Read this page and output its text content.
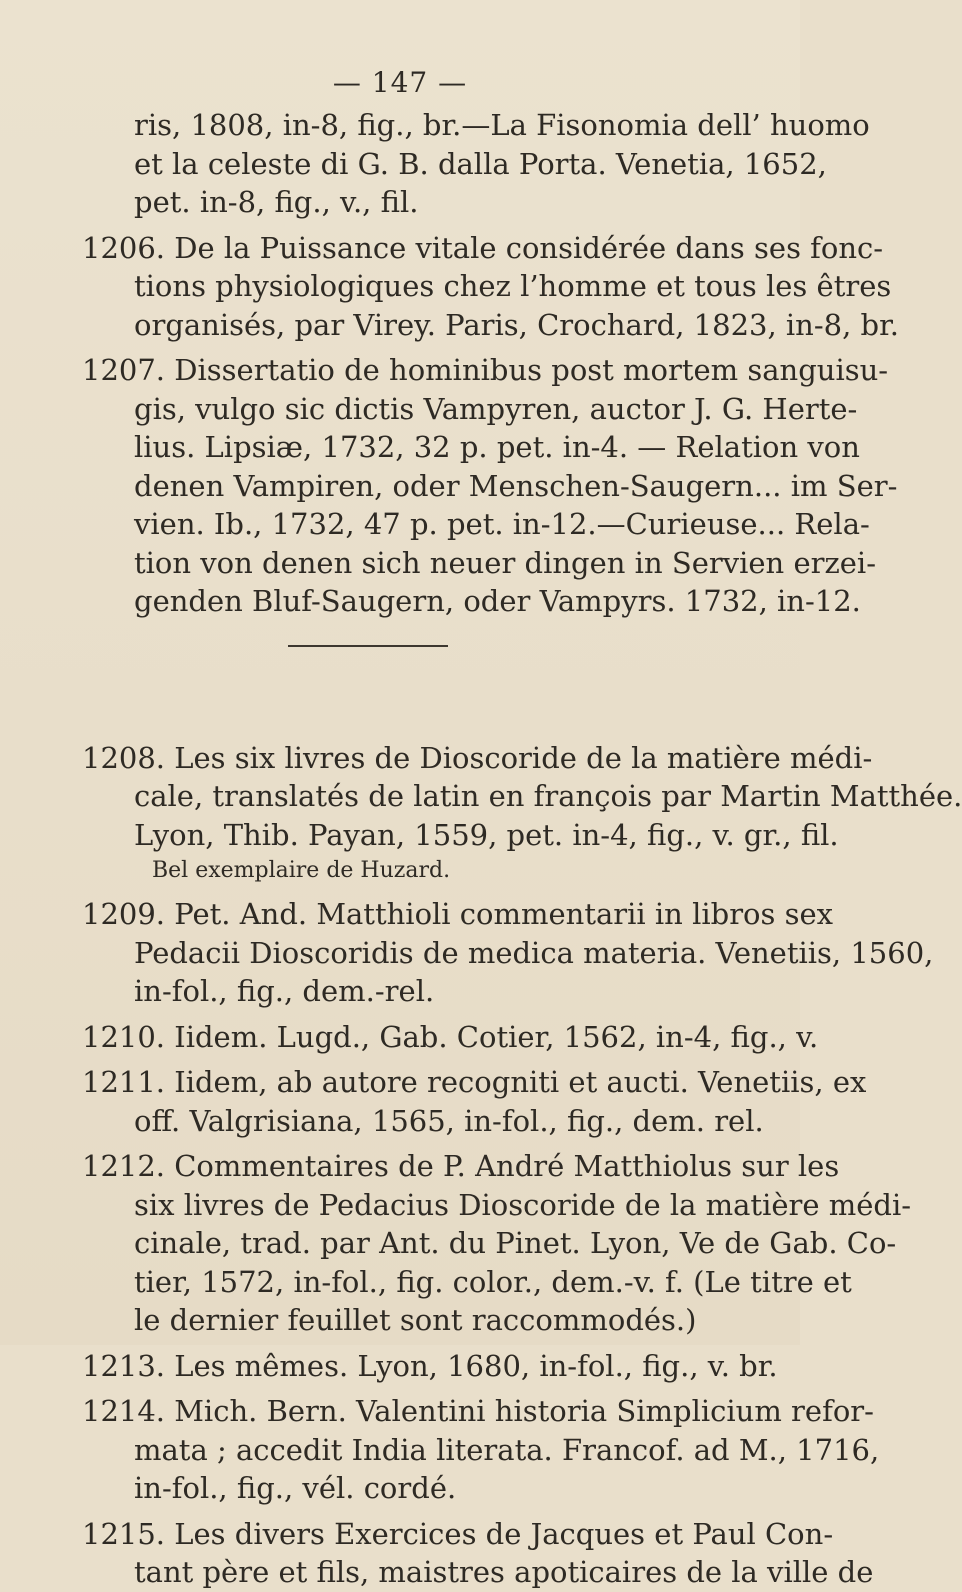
— 147 —
ris, 1808, in-8, fig., br.—La Fisonomia dell’ huomo
et la celeste di G. B. dalla Porta. Venetia, 1652,
pet. in-8, fig., v., fil.
1206. De la Puissance vitale considérée dans ses fonc-
tions physiologiques chez l’homme et tous les êtres
organisés, par Virey. Paris, Crochard, 1823, in-8, br.
1207. Dissertatio de hominibus post mortem sanguisu-
gis, vulgo sic dictis Vampyren, auctor J. G. Herte-
lius. Lipsiæ, 1732, 32 p. pet. in-4. — Relation von
denen Vampiren, oder Menschen-Saugern... im Ser-
vien. Ib., 1732, 47 p. pet. in-12.—Curieuse... Rela-
tion von denen sich neuer dingen in Servien erzei-
genden Bluf-Saugern, oder Vampyrs. 1732, in-12.
1208. Les six livres de Dioscoride de la matière médi-
cale, translatés de latin en françois par Martin Matthée.
Lyon, Thib. Payan, 1559, pet. in-4, fig., v. gr., fil.
Bel exemplaire de Huzard.
1209. Pet. And. Matthioli commentarii in libros sex
Pedacii Dioscoridis de medica materia. Venetiis, 1560,
in-fol., fig., dem.-rel.
1210. Iidem. Lugd., Gab. Cotier, 1562, in-4, fig., v.
1211. Iidem, ab autore recogniti et aucti. Venetiis, ex
off. Valgrisiana, 1565, in-fol., fig., dem. rel.
1212. Commentaires de P. André Matthiolus sur les
six livres de Pedacius Dioscoride de la matière médi-
cinale, trad. par Ant. du Pinet. Lyon, Ve de Gab. Co-
tier, 1572, in-fol., fig. color., dem.-v. f. (Le titre et
le dernier feuillet sont raccommodés.)
1213. Les mêmes. Lyon, 1680, in-fol., fig., v. br.
1214. Mich. Bern. Valentini historia Simplicium refor-
mata ; accedit India literata. Francof. ad M., 1716,
in-fol., fig., vél. cordé.
1215. Les divers Exercices de Jacques et Paul Con-
tant père et fils, maistres apoticaires de la ville de
